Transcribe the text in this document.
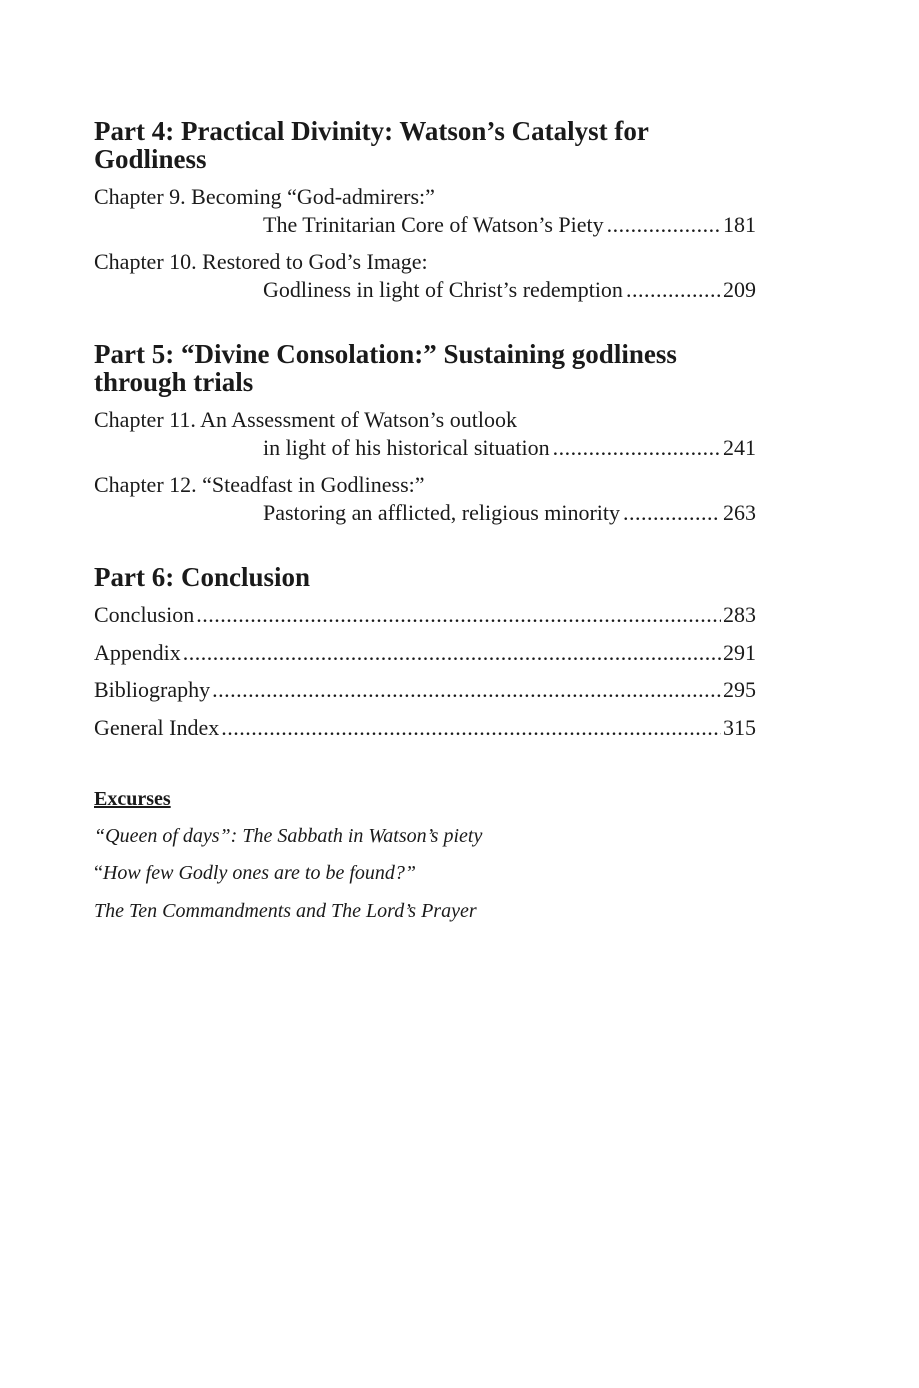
Part 4: Practical Divinity: Watson’s Catalyst for Godliness
Chapter 9. Becoming “God-admirers:”
The Trinitarian Core of Watson’s Piety .....	181
Chapter 10. Restored to God’s Image:
Godliness in light of Christ’s redemption .....	209
Part 5: “Divine Consolation:” Sustaining godliness through trials
Chapter 11. An Assessment of Watson’s outlook
in light of his historical situation .....	241
Chapter 12. “Steadfast in Godliness:”
Pastoring an afflicted, religious minority .....	263
Part 6: Conclusion
Conclusion .....	283
Appendix .....	291
Bibliography .....	295
General Index .....	315
Excurses
“Queen of days”: The Sabbath in Watson’s piety
“How few Godly ones are to be found?”
The Ten Commandments and The Lord’s Prayer
